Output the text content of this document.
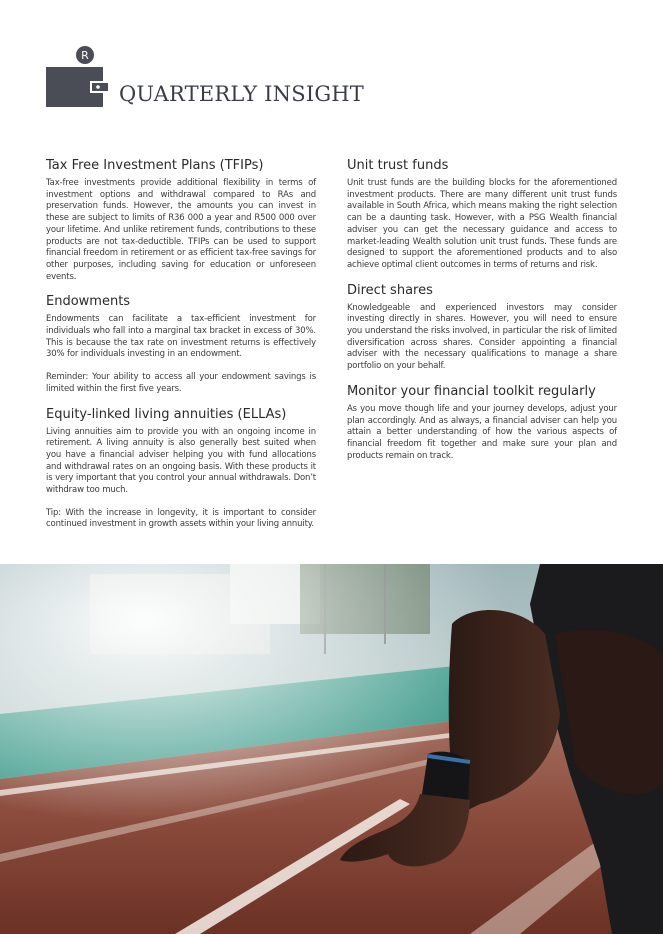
R
QUARTERLY INSIGHT
Tax Free Investment Plans (TFIPs)

Tax-free investments provide additional flexibility in terms of investment options and withdrawal compared to RAs and preservation funds. However, the amounts you can invest in these are subject to limits of R36 000 a year and R500 000 over your lifetime. And unlike retirement funds, contributions to these products are not tax-deductible. TFIPs can be used to support financial freedom in retirement or as efficient tax-free savings for other purposes, including saving for education or unforeseen events.

Endowments

Endowments can facilitate a tax-efficient investment for individuals who fall into a marginal tax bracket in excess of 30%. This is because the tax rate on investment returns is effectively 30% for individuals investing in an endowment.

Reminder: Your ability to access all your endowment savings is limited within the first five years.

Equity-linked living annuities (ELLAs)

Living annuities aim to provide you with an ongoing income in retirement. A living annuity is also generally best suited when you have a financial adviser helping you with fund allocations and withdrawal rates on an ongoing basis. With these products it is very important that you control your annual withdrawals. Don’t withdraw too much.

Tip: With the increase in longevity, it is important to consider continued investment in growth assets within your living annuity.

Unit trust funds

Unit trust funds are the building blocks for the aforementioned investment products. There are many different unit trust funds available in South Africa, which means making the right selection can be a daunting task. However, with a PSG Wealth financial adviser you can get the necessary guidance and access to market-leading Wealth solution unit trust funds. These funds are designed to support the aforementioned products and to also achieve optimal client outcomes in terms of returns and risk.

Direct shares

Knowledgeable and experienced investors may consider investing directly in shares. However, you will need to ensure you understand the risks involved, in particular the risk of limited diversification across shares. Consider appointing a financial adviser with the necessary qualifications to manage a share portfolio on your behalf.

Monitor your financial toolkit regularly

As you move though life and your journey develops, adjust your plan accordingly. And as always, a financial adviser can help you attain a better understanding of how the various aspects of financial freedom fit together and make sure your plan and products remain on track.
